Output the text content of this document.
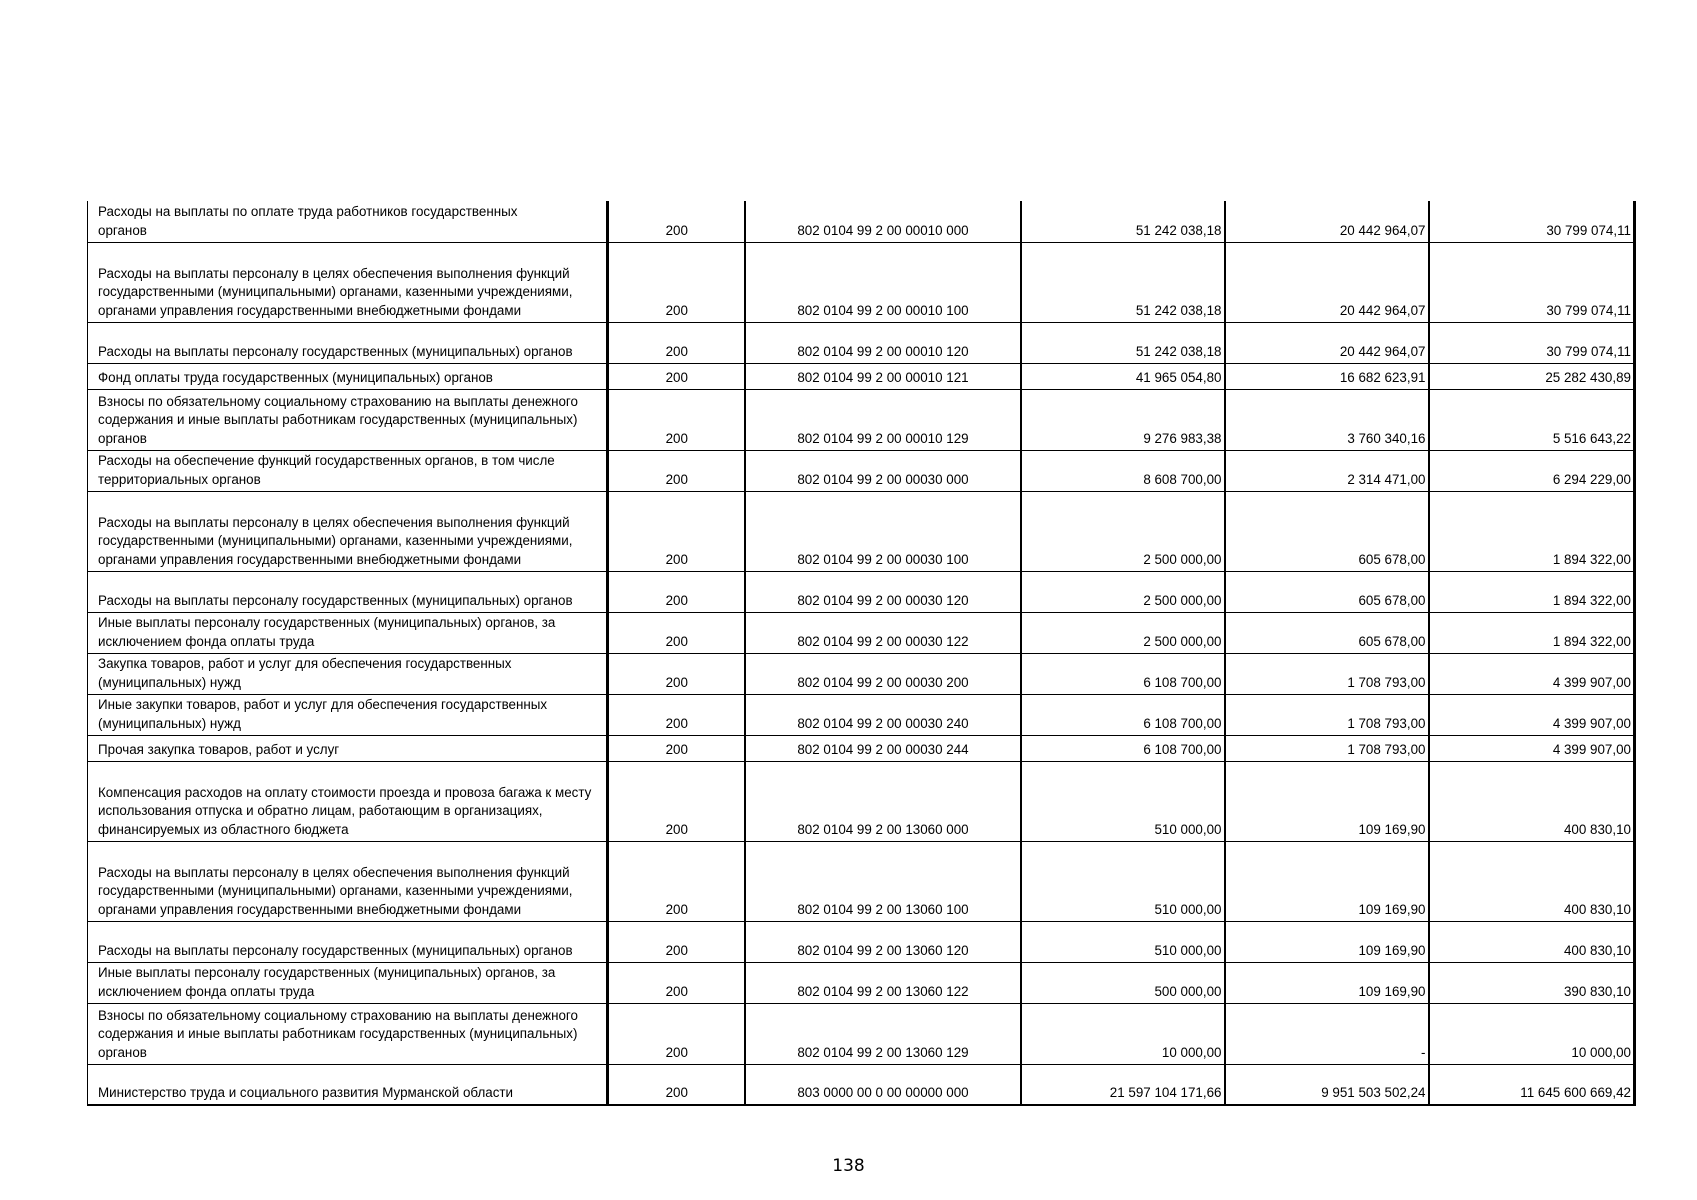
Расходы на выплаты по оплате труда работников государственных органов	200	802 0104 99 2 00 00010 000	51 242 038,18	20 442 964,07	30 799 074,11

Расходы на выплаты персоналу в целях обеспечения выполнения функций государственными (муниципальными) органами, казенными учреждениями, органами управления государственными внебюджетными фондами	200	802 0104 99 2 00 00010 100	51 242 038,18	20 442 964,07	30 799 074,11

Расходы на выплаты персоналу государственных (муниципальных) органов	200	802 0104 99 2 00 00010 120	51 242 038,18	20 442 964,07	30 799 074,11

Фонд оплаты труда государственных (муниципальных) органов	200	802 0104 99 2 00 00010 121	41 965 054,80	16 682 623,91	25 282 430,89

Взносы по обязательному социальному страхованию на выплаты денежного содержания и иные выплаты работникам государственных (муниципальных) органов	200	802 0104 99 2 00 00010 129	9 276 983,38	3 760 340,16	5 516 643,22

Расходы на обеспечение функций государственных органов, в том числе территориальных органов	200	802 0104 99 2 00 00030 000	8 608 700,00	2 314 471,00	6 294 229,00

Расходы на выплаты персоналу в целях обеспечения выполнения функций государственными (муниципальными) органами, казенными учреждениями, органами управления государственными внебюджетными фондами	200	802 0104 99 2 00 00030 100	2 500 000,00	605 678,00	1 894 322,00

Расходы на выплаты персоналу государственных (муниципальных) органов	200	802 0104 99 2 00 00030 120	2 500 000,00	605 678,00	1 894 322,00

Иные выплаты персоналу государственных (муниципальных) органов, за исключением фонда оплаты труда	200	802 0104 99 2 00 00030 122	2 500 000,00	605 678,00	1 894 322,00

Закупка товаров, работ и услуг для обеспечения государственных (муниципальных) нужд	200	802 0104 99 2 00 00030 200	6 108 700,00	1 708 793,00	4 399 907,00

Иные закупки товаров, работ и услуг для обеспечения государственных (муниципальных) нужд	200	802 0104 99 2 00 00030 240	6 108 700,00	1 708 793,00	4 399 907,00

Прочая закупка товаров, работ и услуг	200	802 0104 99 2 00 00030 244	6 108 700,00	1 708 793,00	4 399 907,00

Компенсация расходов на оплату стоимости проезда и провоза багажа к месту использования отпуска и обратно лицам, работающим в организациях, финансируемых из областного бюджета	200	802 0104 99 2 00 13060 000	510 000,00	109 169,90	400 830,10

Расходы на выплаты персоналу в целях обеспечения выполнения функций государственными (муниципальными) органами, казенными учреждениями, органами управления государственными внебюджетными фондами	200	802 0104 99 2 00 13060 100	510 000,00	109 169,90	400 830,10

Расходы на выплаты персоналу государственных (муниципальных) органов	200	802 0104 99 2 00 13060 120	510 000,00	109 169,90	400 830,10

Иные выплаты персоналу государственных (муниципальных) органов, за исключением фонда оплаты труда	200	802 0104 99 2 00 13060 122	500 000,00	109 169,90	390 830,10

Взносы по обязательному социальному страхованию на выплаты денежного содержания и иные выплаты работникам государственных (муниципальных) органов	200	802 0104 99 2 00 13060 129	10 000,00	-	10 000,00

Министерство труда и социального развития Мурманской области	200	803 0000 00 0 00 00000 000	21 597 104 171,66	9 951 503 502,24	11 645 600 669,42
138
